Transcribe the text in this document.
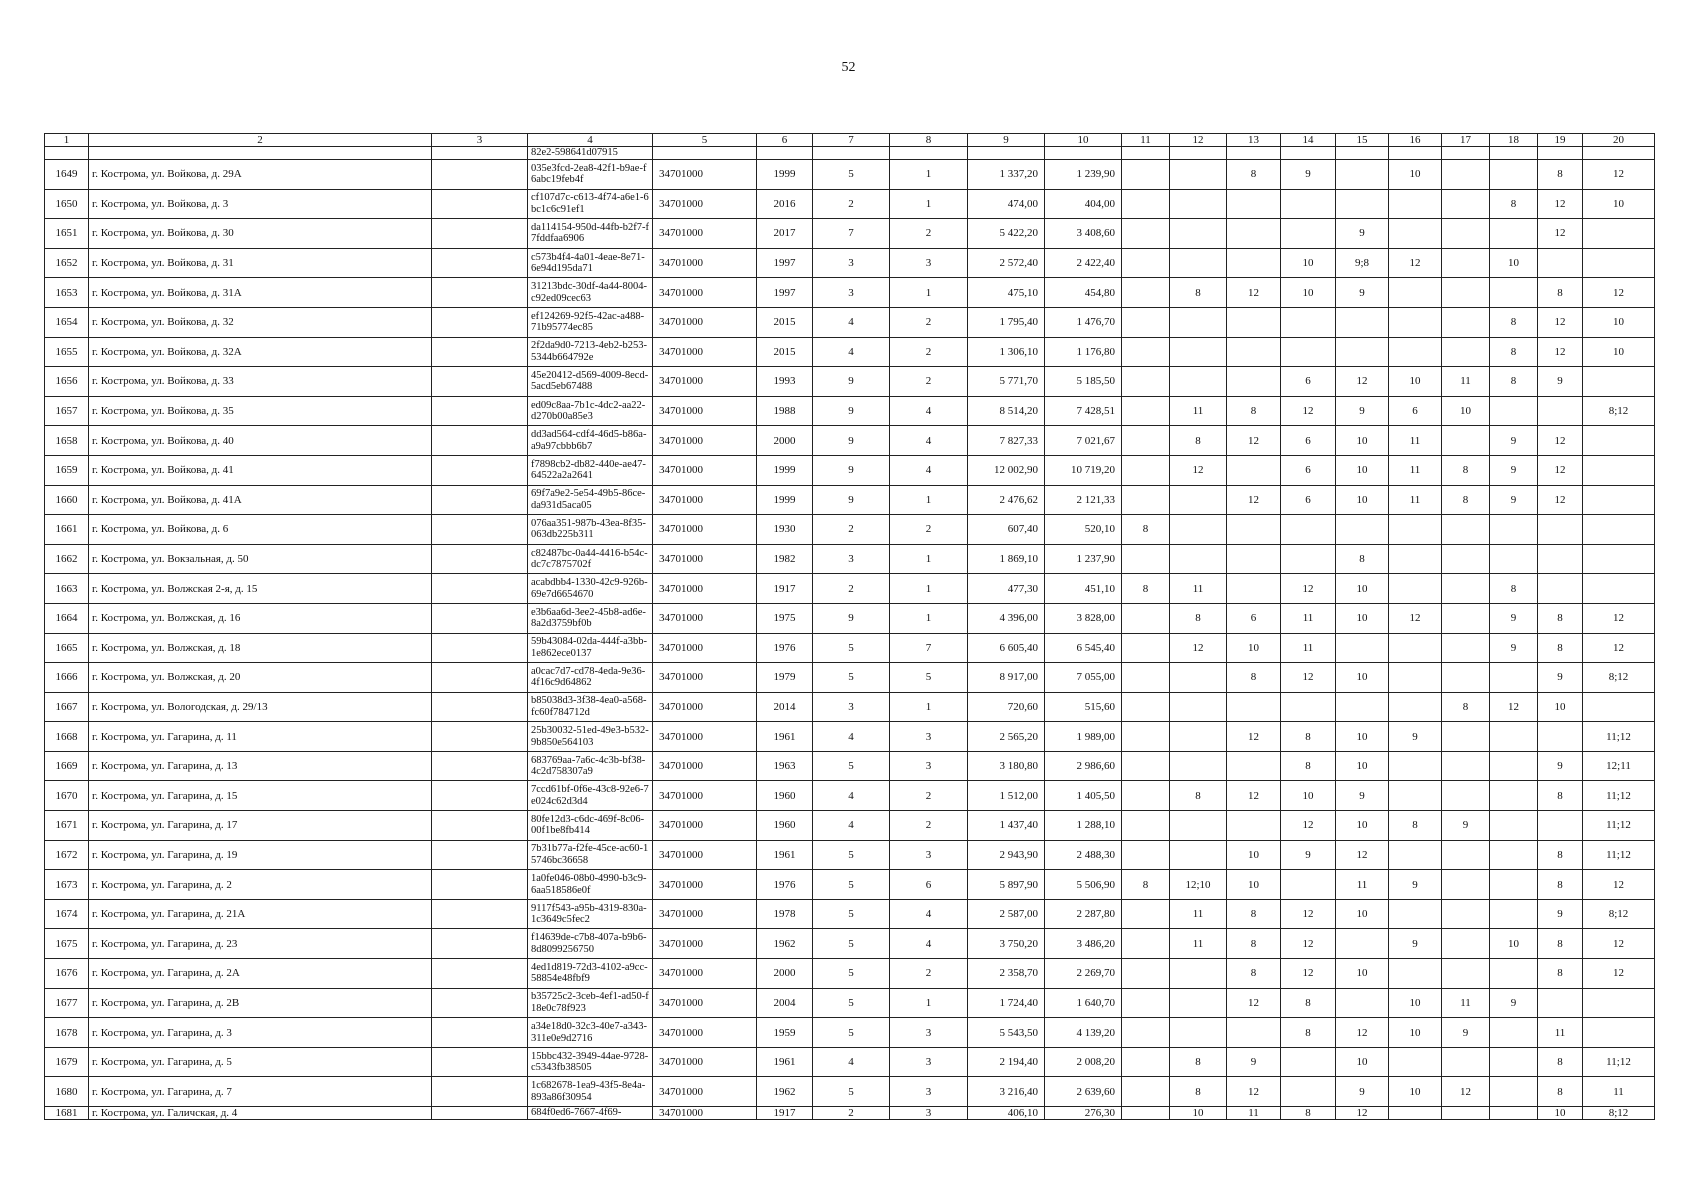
52
1	2	3	4	5	6	7	8	9	10	11	12	13	14	15	16	17	18	19	20
			82e2-598641d07915																
1649	г. Кострома, ул. Войкова, д. 29А		035e3fcd-2ea8-42f1-b9ae-f6abc19feb4f	34701000	1999	5	1	1 337,20	1 239,90			8	9		10			8	12
1650	г. Кострома, ул. Войкова, д. 3		cf107d7c-c613-4f74-a6e1-6bc1c6c91ef1	34701000	2016	2	1	474,00	404,00								8	12	10
1651	г. Кострома, ул. Войкова, д. 30		da114154-950d-44fb-b2f7-f7fddfaa6906	34701000	2017	7	2	5 422,20	3 408,60					9				12	
1652	г. Кострома, ул. Войкова, д. 31		c573b4f4-4a01-4eae-8e71-6e94d195da71	34701000	1997	3	3	2 572,40	2 422,40				10	9;8	12		10		
1653	г. Кострома, ул. Войкова, д. 31А		31213bdc-30df-4a44-8004-c92ed09cec63	34701000	1997	3	1	475,10	454,80		8	12	10	9				8	12
1654	г. Кострома, ул. Войкова, д. 32		ef124269-92f5-42ac-a488-71b95774ec85	34701000	2015	4	2	1 795,40	1 476,70								8	12	10
1655	г. Кострома, ул. Войкова, д. 32А		2f2da9d0-7213-4eb2-b253-5344b664792e	34701000	2015	4	2	1 306,10	1 176,80								8	12	10
1656	г. Кострома, ул. Войкова, д. 33		45e20412-d569-4009-8ecd-5acd5eb67488	34701000	1993	9	2	5 771,70	5 185,50				6	12	10	11	8	9	
1657	г. Кострома, ул. Войкова, д. 35		ed09c8aa-7b1c-4dc2-aa22-d270b00a85e3	34701000	1988	9	4	8 514,20	7 428,51		11	8	12	9	6	10			8;12
1658	г. Кострома, ул. Войкова, д. 40		dd3ad564-cdf4-46d5-b86a-a9a97cbbb6b7	34701000	2000	9	4	7 827,33	7 021,67		8	12	6	10	11		9	12	
1659	г. Кострома, ул. Войкова, д. 41		f7898cb2-db82-440e-ae47-64522a2a2641	34701000	1999	9	4	12 002,90	10 719,20		12		6	10	11	8	9	12	
1660	г. Кострома, ул. Войкова, д. 41А		69f7a9e2-5e54-49b5-86ce-da931d5aca05	34701000	1999	9	1	2 476,62	2 121,33			12	6	10	11	8	9	12	
1661	г. Кострома, ул. Войкова, д. 6		076aa351-987b-43ea-8f35-063db225b311	34701000	1930	2	2	607,40	520,10	8									
1662	г. Кострома, ул. Вокзальная, д. 50		c82487bc-0a44-4416-b54c-dc7c7875702f	34701000	1982	3	1	1 869,10	1 237,90					8					
1663	г. Кострома, ул. Волжская 2-я, д. 15		acabdbb4-1330-42c9-926b-69e7d6654670	34701000	1917	2	1	477,30	451,10	8	11		12	10			8		
1664	г. Кострома, ул. Волжская, д. 16		e3b6aa6d-3ee2-45b8-ad6e-8a2d3759bf0b	34701000	1975	9	1	4 396,00	3 828,00		8	6	11	10	12		9	8	12
1665	г. Кострома, ул. Волжская, д. 18		59b43084-02da-444f-a3bb-1e862ece0137	34701000	1976	5	7	6 605,40	6 545,40		12	10	11				9	8	12
1666	г. Кострома, ул. Волжская, д. 20		a0cac7d7-cd78-4eda-9e36-4f16c9d64862	34701000	1979	5	5	8 917,00	7 055,00			8	12	10				9	8;12
1667	г. Кострома, ул. Вологодская, д. 29/13		b85038d3-3f38-4ea0-a568-fc60f784712d	34701000	2014	3	1	720,60	515,60							8	12	10	
1668	г. Кострома, ул. Гагарина, д. 11		25b30032-51ed-49e3-b532-9b850e564103	34701000	1961	4	3	2 565,20	1 989,00			12	8	10	9				11;12
1669	г. Кострома, ул. Гагарина, д. 13		683769aa-7a6c-4c3b-bf38-4c2d758307a9	34701000	1963	5	3	3 180,80	2 986,60				8	10				9	12;11
1670	г. Кострома, ул. Гагарина, д. 15		7ccd61bf-0f6e-43c8-92e6-7e024c62d3d4	34701000	1960	4	2	1 512,00	1 405,50		8	12	10	9				8	11;12
1671	г. Кострома, ул. Гагарина, д. 17		80fe12d3-c6dc-469f-8c06-00f1be8fb414	34701000	1960	4	2	1 437,40	1 288,10				12	10	8	9			11;12
1672	г. Кострома, ул. Гагарина, д. 19		7b31b77a-f2fe-45ce-ac60-15746bc36658	34701000	1961	5	3	2 943,90	2 488,30			10	9	12				8	11;12
1673	г. Кострома, ул. Гагарина, д. 2		1a0fe046-08b0-4990-b3c9-6aa518586e0f	34701000	1976	5	6	5 897,90	5 506,90	8	12;10	10		11	9			8	12
1674	г. Кострома, ул. Гагарина, д. 21А		9117f543-a95b-4319-830a-1c3649c5fec2	34701000	1978	5	4	2 587,00	2 287,80		11	8	12	10				9	8;12
1675	г. Кострома, ул. Гагарина, д. 23		f14639de-c7b8-407a-b9b6-8d8099256750	34701000	1962	5	4	3 750,20	3 486,20		11	8	12		9		10	8	12
1676	г. Кострома, ул. Гагарина, д. 2А		4ed1d819-72d3-4102-a9cc-58854e48fbf9	34701000	2000	5	2	2 358,70	2 269,70			8	12	10				8	12
1677	г. Кострома, ул. Гагарина, д. 2В		b35725c2-3ceb-4ef1-ad50-f18e0c78f923	34701000	2004	5	1	1 724,40	1 640,70			12	8		10	11	9		
1678	г. Кострома, ул. Гагарина, д. 3		a34e18d0-32c3-40e7-a343-311e0e9d2716	34701000	1959	5	3	5 543,50	4 139,20				8	12	10	9		11	
1679	г. Кострома, ул. Гагарина, д. 5		15bbc432-3949-44ae-9728-c5343fb38505	34701000	1961	4	3	2 194,40	2 008,20		8	9		10				8	11;12
1680	г. Кострома, ул. Гагарина, д. 7		1c682678-1ea9-43f5-8e4a-893a86f30954	34701000	1962	5	3	3 216,40	2 639,60		8	12		9	10	12		8	11
1681	г. Кострома, ул. Галичская, д. 4		684f0ed6-7667-4f69-	34701000	1917	2	3	406,10	276,30		10	11	8	12				10	8;12
